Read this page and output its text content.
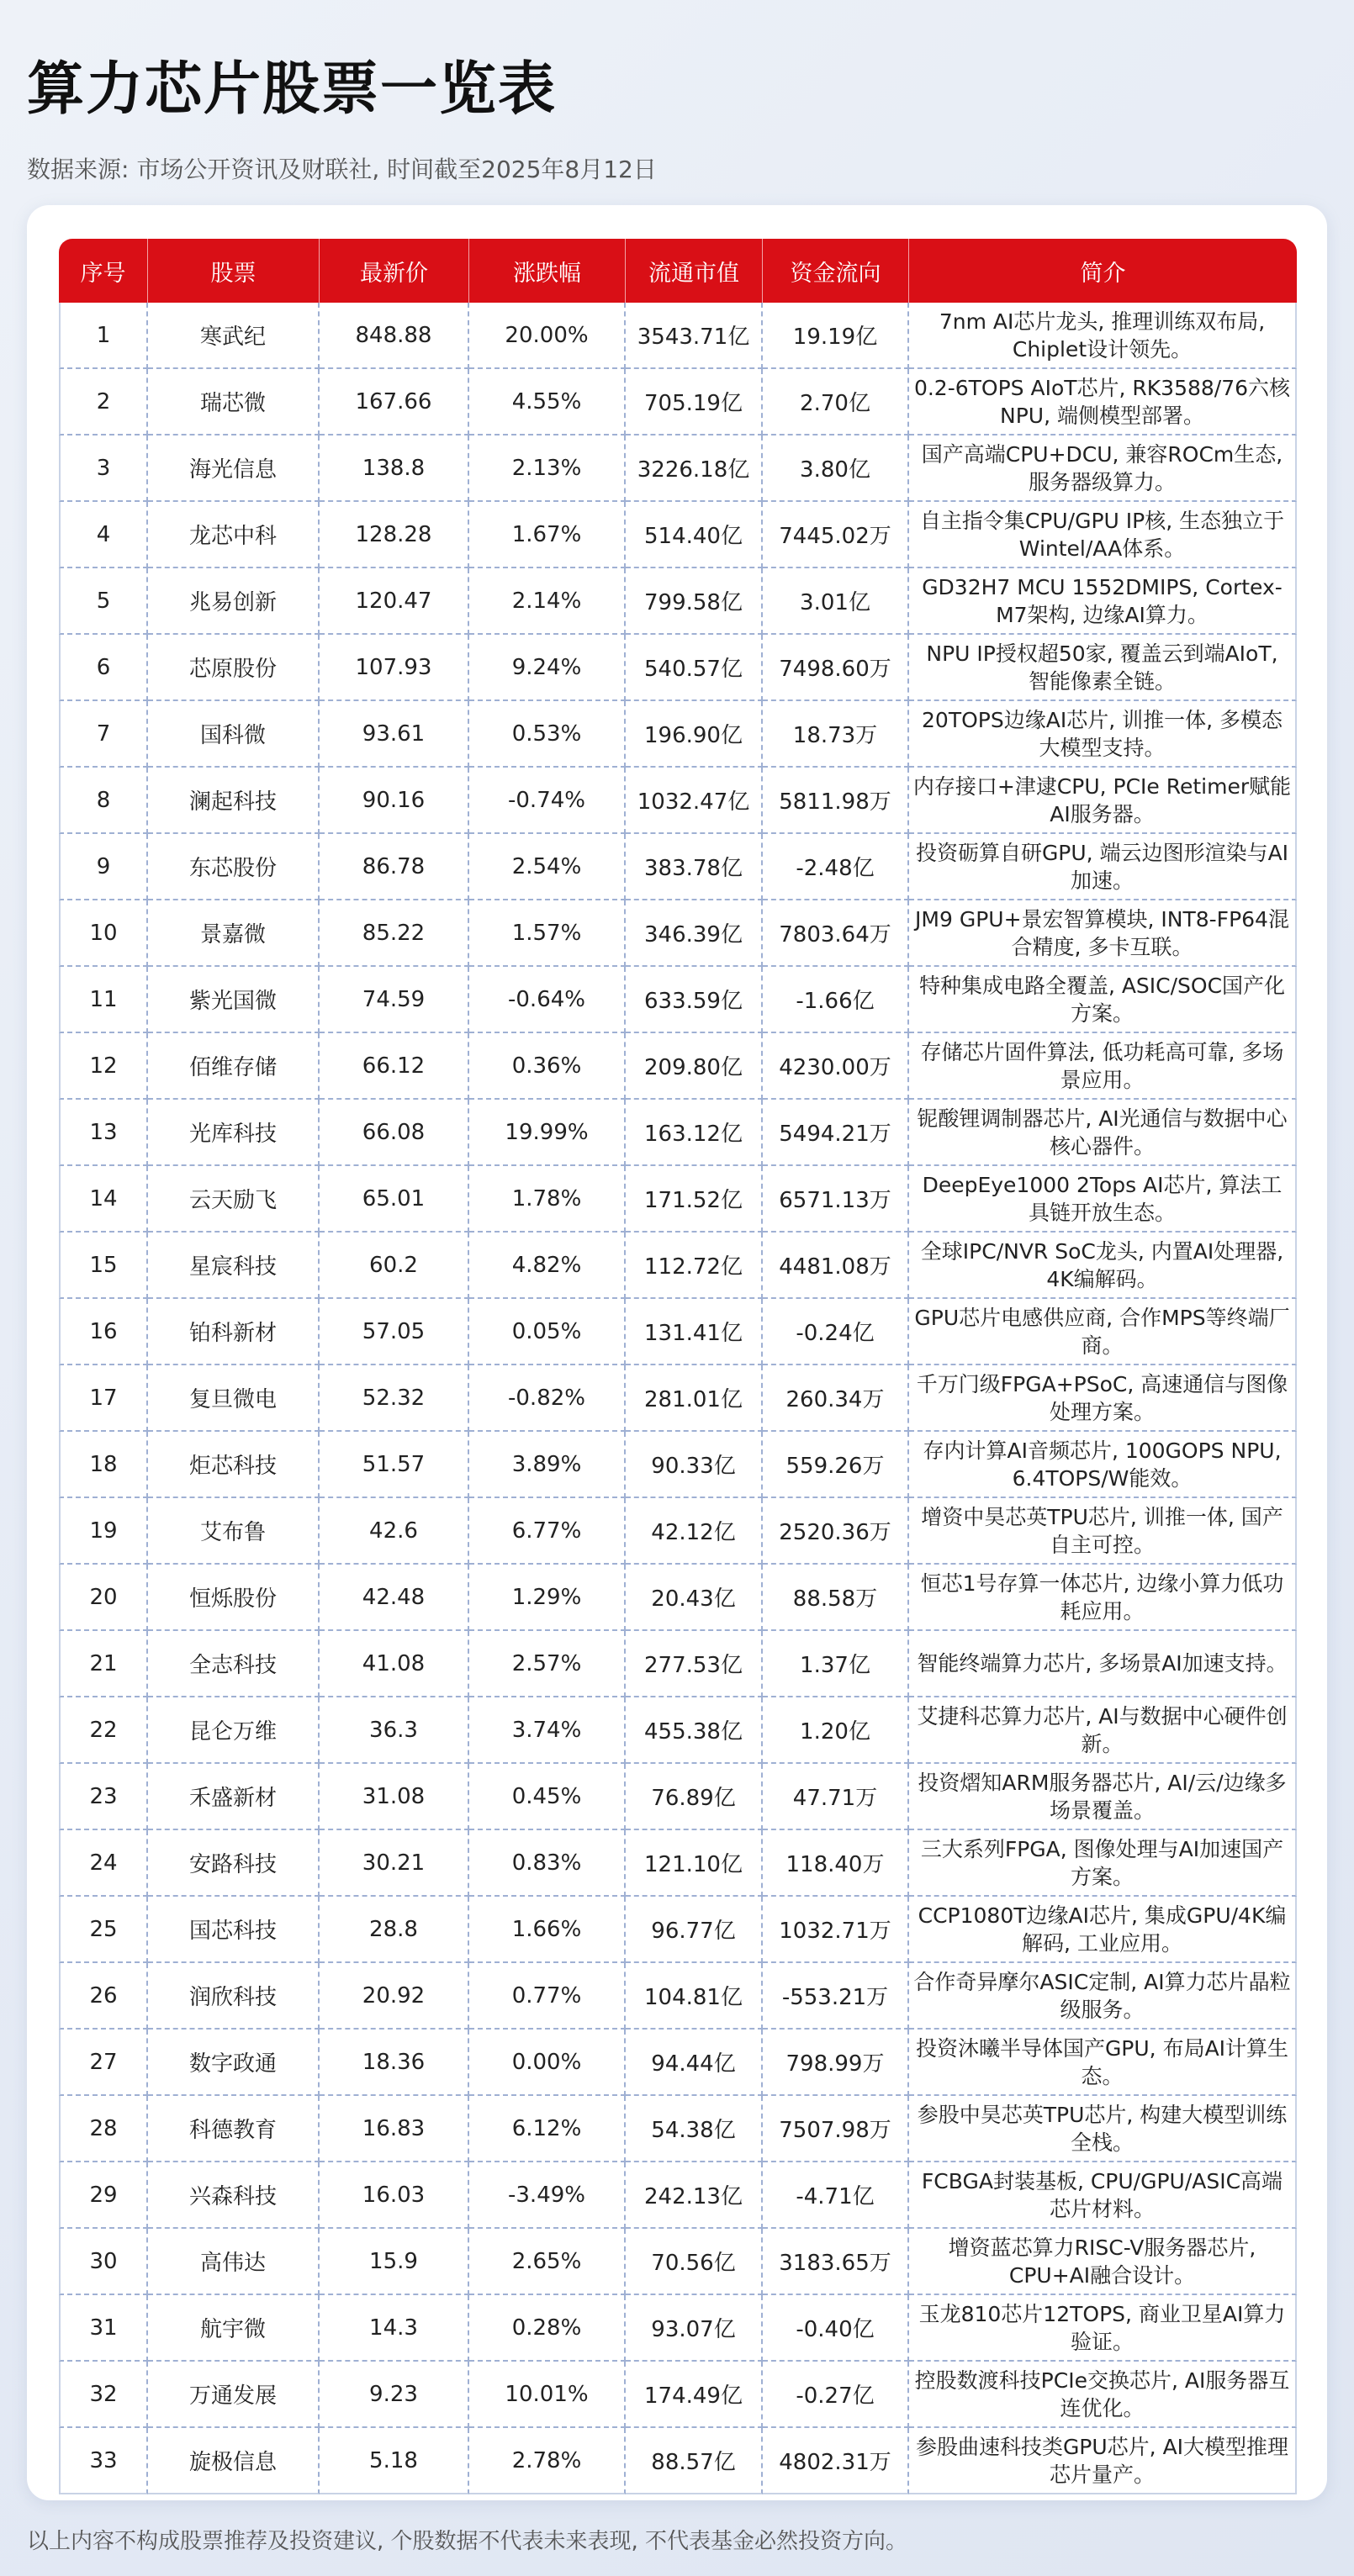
算力芯片股票一览表
数据来源: 市场公开资讯及财联社, 时间截至2025年8月12日
序号	股票	最新价	涨跌幅	流通市值	资金流向	简介
1	寒武纪	848.88	20.00%	3543.71亿	19.19亿	7nm AI芯片龙头, 推理训练双布局, Chiplet设计领先。
2	瑞芯微	167.66	4.55%	705.19亿	2.70亿	0.2-6TOPS AIoT芯片, RK3588/76六核NPU, 端侧模型部署。
3	海光信息	138.8	2.13%	3226.18亿	3.80亿	国产高端CPU+DCU, 兼容ROCm生态, 服务器级算力。
4	龙芯中科	128.28	1.67%	514.40亿	7445.02万	自主指令集CPU/GPU IP核, 生态独立于Wintel/AA体系。
5	兆易创新	120.47	2.14%	799.58亿	3.01亿	GD32H7 MCU 1552DMIPS, Cortex-M7架构, 边缘AI算力。
6	芯原股份	107.93	9.24%	540.57亿	7498.60万	NPU IP授权超50家, 覆盖云到端AIoT, 智能像素全链。
7	国科微	93.61	0.53%	196.90亿	18.73万	20TOPS边缘AI芯片, 训推一体, 多模态大模型支持。
8	澜起科技	90.16	-0.74%	1032.47亿	5811.98万	内存接口+津逮CPU, PCIe Retimer赋能AI服务器。
9	东芯股份	86.78	2.54%	383.78亿	-2.48亿	投资砺算自研GPU, 端云边图形渲染与AI加速。
10	景嘉微	85.22	1.57%	346.39亿	7803.64万	JM9 GPU+景宏智算模块, INT8-FP64混合精度, 多卡互联。
11	紫光国微	74.59	-0.64%	633.59亿	-1.66亿	特种集成电路全覆盖, ASIC/SOC国产化方案。
12	佰维存储	66.12	0.36%	209.80亿	4230.00万	存储芯片固件算法, 低功耗高可靠, 多场景应用。
13	光库科技	66.08	19.99%	163.12亿	5494.21万	铌酸锂调制器芯片, AI光通信与数据中心核心器件。
14	云天励飞	65.01	1.78%	171.52亿	6571.13万	DeepEye1000 2Tops AI芯片, 算法工具链开放生态。
15	星宸科技	60.2	4.82%	112.72亿	4481.08万	全球IPC/NVR SoC龙头, 内置AI处理器, 4K编解码。
16	铂科新材	57.05	0.05%	131.41亿	-0.24亿	GPU芯片电感供应商, 合作MPS等终端厂商。
17	复旦微电	52.32	-0.82%	281.01亿	260.34万	千万门级FPGA+PSoC, 高速通信与图像处理方案。
18	炬芯科技	51.57	3.89%	90.33亿	559.26万	存内计算AI音频芯片, 100GOPS NPU, 6.4TOPS/W能效。
19	艾布鲁	42.6	6.77%	42.12亿	2520.36万	增资中昊芯英TPU芯片, 训推一体, 国产自主可控。
20	恒烁股份	42.48	1.29%	20.43亿	88.58万	恒芯1号存算一体芯片, 边缘小算力低功耗应用。
21	全志科技	41.08	2.57%	277.53亿	1.37亿	智能终端算力芯片, 多场景AI加速支持。
22	昆仑万维	36.3	3.74%	455.38亿	1.20亿	艾捷科芯算力芯片, AI与数据中心硬件创新。
23	禾盛新材	31.08	0.45%	76.89亿	47.71万	投资熠知ARM服务器芯片, AI/云/边缘多场景覆盖。
24	安路科技	30.21	0.83%	121.10亿	118.40万	三大系列FPGA, 图像处理与AI加速国产方案。
25	国芯科技	28.8	1.66%	96.77亿	1032.71万	CCP1080T边缘AI芯片, 集成GPU/4K编解码, 工业应用。
26	润欣科技	20.92	0.77%	104.81亿	-553.21万	合作奇异摩尔ASIC定制, AI算力芯片晶粒级服务。
27	数字政通	18.36	0.00%	94.44亿	798.99万	投资沐曦半导体国产GPU, 布局AI计算生态。
28	科德教育	16.83	6.12%	54.38亿	7507.98万	参股中昊芯英TPU芯片, 构建大模型训练全栈。
29	兴森科技	16.03	-3.49%	242.13亿	-4.71亿	FCBGA封装基板, CPU/GPU/ASIC高端芯片材料。
30	高伟达	15.9	2.65%	70.56亿	3183.65万	增资蓝芯算力RISC-V服务器芯片, CPU+AI融合设计。
31	航宇微	14.3	0.28%	93.07亿	-0.40亿	玉龙810芯片12TOPS, 商业卫星AI算力验证。
32	万通发展	9.23	10.01%	174.49亿	-0.27亿	控股数渡科技PCIe交换芯片, AI服务器互连优化。
33	旋极信息	5.18	2.78%	88.57亿	4802.31万	参股曲速科技类GPU芯片, AI大模型推理芯片量产。
以上内容不构成股票推荐及投资建议, 个股数据不代表未来表现, 不代表基金必然投资方向。
